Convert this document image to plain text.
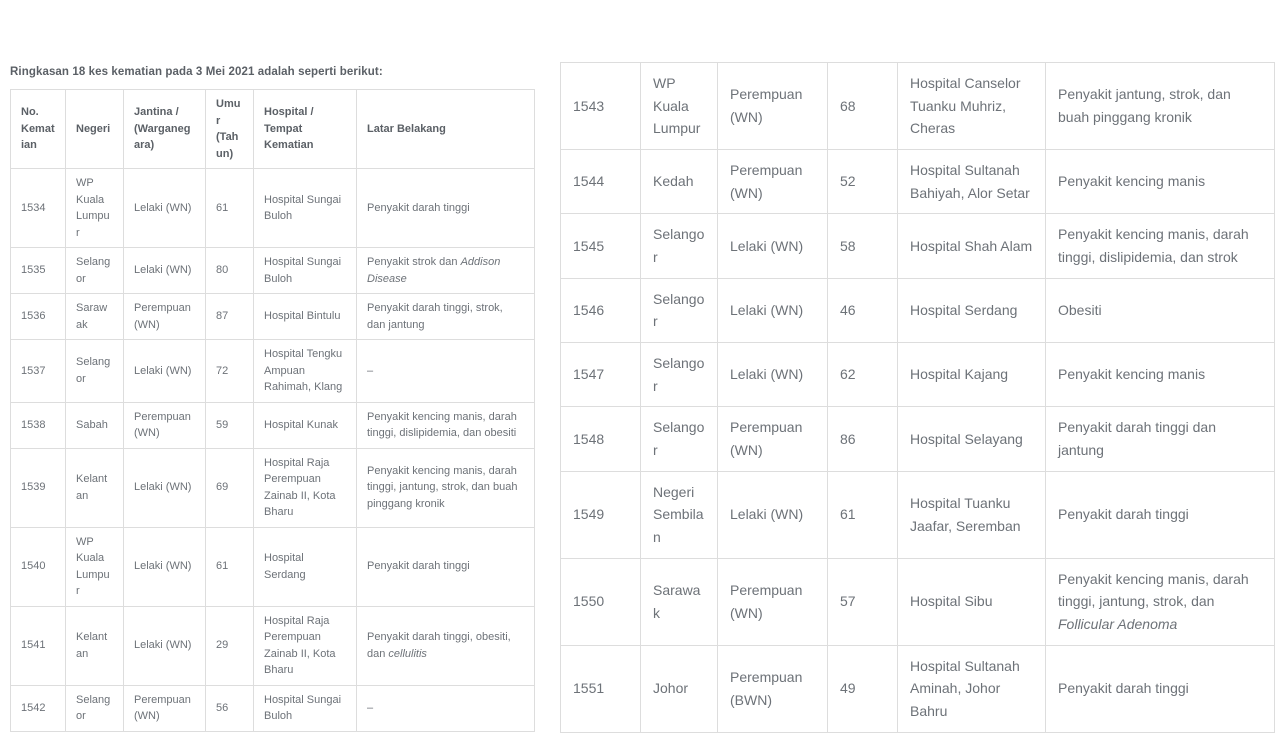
Ringkasan 18 kes kematian pada 3 Mei 2021 adalah seperti berikut:

No. Kematian	Negeri	Jantina / (Warganegara)	Umur (Tahun)	Hospital / Tempat Kematian	Latar Belakang
1534	WP Kuala Lumpur	Lelaki (WN)	61	Hospital Sungai Buloh	Penyakit darah tinggi
1535	Selangor	Lelaki (WN)	80	Hospital Sungai Buloh	Penyakit strok dan Addison Disease
1536	Sarawak	Perempuan (WN)	87	Hospital Bintulu	Penyakit darah tinggi, strok, dan jantung
1537	Selangor	Lelaki (WN)	72	Hospital Tengku Ampuan Rahimah, Klang	–
1538	Sabah	Perempuan (WN)	59	Hospital Kunak	Penyakit kencing manis, darah tinggi, dislipidemia, dan obesiti
1539	Kelantan	Lelaki (WN)	69	Hospital Raja Perempuan Zainab II, Kota Bharu	Penyakit kencing manis, darah tinggi, jantung, strok, dan buah pinggang kronik
1540	WP Kuala Lumpur	Lelaki (WN)	61	Hospital Serdang	Penyakit darah tinggi
1541	Kelantan	Lelaki (WN)	29	Hospital Raja Perempuan Zainab II, Kota Bharu	Penyakit darah tinggi, obesiti, dan cellulitis
1542	Selangor	Perempuan (WN)	56	Hospital Sungai Buloh	–
1543	WP Kuala Lumpur	Perempuan (WN)	68	Hospital Canselor Tuanku Muhriz, Cheras	Penyakit jantung, strok, dan buah pinggang kronik
1544	Kedah	Perempuan (WN)	52	Hospital Sultanah Bahiyah, Alor Setar	Penyakit kencing manis
1545	Selangor	Lelaki (WN)	58	Hospital Shah Alam	Penyakit kencing manis, darah tinggi, dislipidemia, dan strok
1546	Selangor	Lelaki (WN)	46	Hospital Serdang	Obesiti
1547	Selangor	Lelaki (WN)	62	Hospital Kajang	Penyakit kencing manis
1548	Selangor	Perempuan (WN)	86	Hospital Selayang	Penyakit darah tinggi dan jantung
1549	Negeri Sembilan	Lelaki (WN)	61	Hospital Tuanku Jaafar, Seremban	Penyakit darah tinggi
1550	Sarawak	Perempuan (WN)	57	Hospital Sibu	Penyakit kencing manis, darah tinggi, jantung, strok, dan Follicular Adenoma
1551	Johor	Perempuan (BWN)	49	Hospital Sultanah Aminah, Johor Bahru	Penyakit darah tinggi
